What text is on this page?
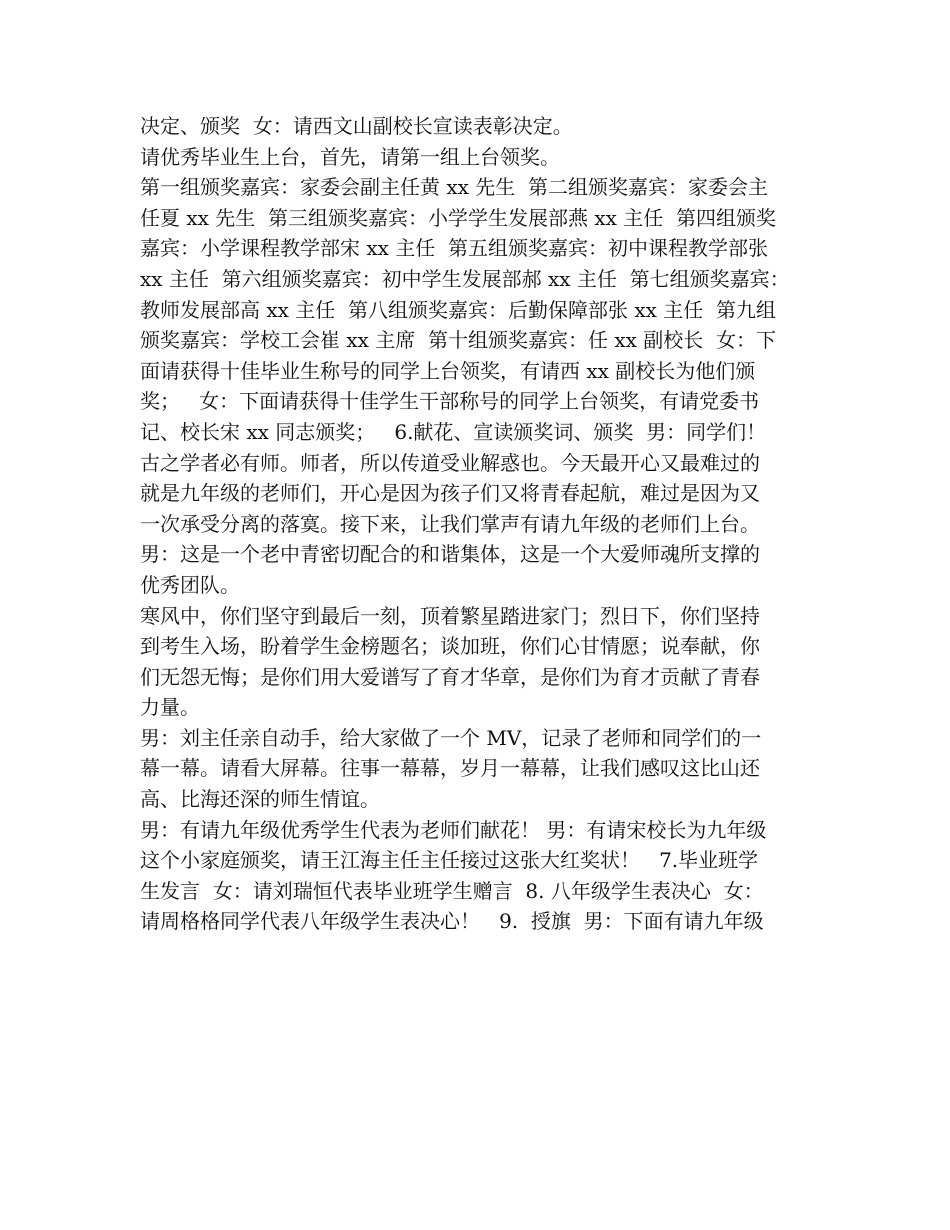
决定、颁奖  女：请西文山副校长宣读表彰决定。
请优秀毕业生上台，首先，请第一组上台领奖。
第一组颁奖嘉宾：家委会副主任黄 xx 先生  第二组颁奖嘉宾：家委会主
任夏 xx 先生  第三组颁奖嘉宾：小学学生发展部燕 xx 主任  第四组颁奖
嘉宾：小学课程教学部宋 xx 主任  第五组颁奖嘉宾：初中课程教学部张
xx 主任  第六组颁奖嘉宾：初中学生发展部郝 xx 主任  第七组颁奖嘉宾：
教师发展部高 xx 主任  第八组颁奖嘉宾：后勤保障部张 xx 主任  第九组
颁奖嘉宾：学校工会崔 xx 主席  第十组颁奖嘉宾：任 xx 副校长  女：下
面请获得十佳毕业生称号的同学上台领奖，有请西 xx 副校长为他们颁
奖；   女：下面请获得十佳学生干部称号的同学上台领奖，有请党委书
记、校长宋 xx 同志颁奖；   6.献花、宣读颁奖词、颁奖  男：同学们！
古之学者必有师。师者，所以传道受业解惑也。今天最开心又最难过的
就是九年级的老师们，开心是因为孩子们又将青春起航，难过是因为又
一次承受分离的落寞。接下来，让我们掌声有请九年级的老师们上台。
男：这是一个老中青密切配合的和谐集体，这是一个大爱师魂所支撑的
优秀团队。
寒风中，你们坚守到最后一刻，顶着繁星踏进家门；烈日下，你们坚持
到考生入场，盼着学生金榜题名；谈加班，你们心甘情愿；说奉献，你
们无怨无悔；是你们用大爱谱写了育才华章，是你们为育才贡献了青春
力量。
男：刘主任亲自动手，给大家做了一个 MV，记录了老师和同学们的一
幕一幕。请看大屏幕。往事一幕幕，岁月一幕幕，让我们感叹这比山还
高、比海还深的师生情谊。
男：有请九年级优秀学生代表为老师们献花！ 男：有请宋校长为九年级
这个小家庭颁奖，请王江海主任主任接过这张大红奖状！   7.毕业班学
生发言  女：请刘瑞恒代表毕业班学生赠言  8. 八年级学生表决心  女：
请周格格同学代表八年级学生表决心！   9.  授旗  男：下面有请九年级
